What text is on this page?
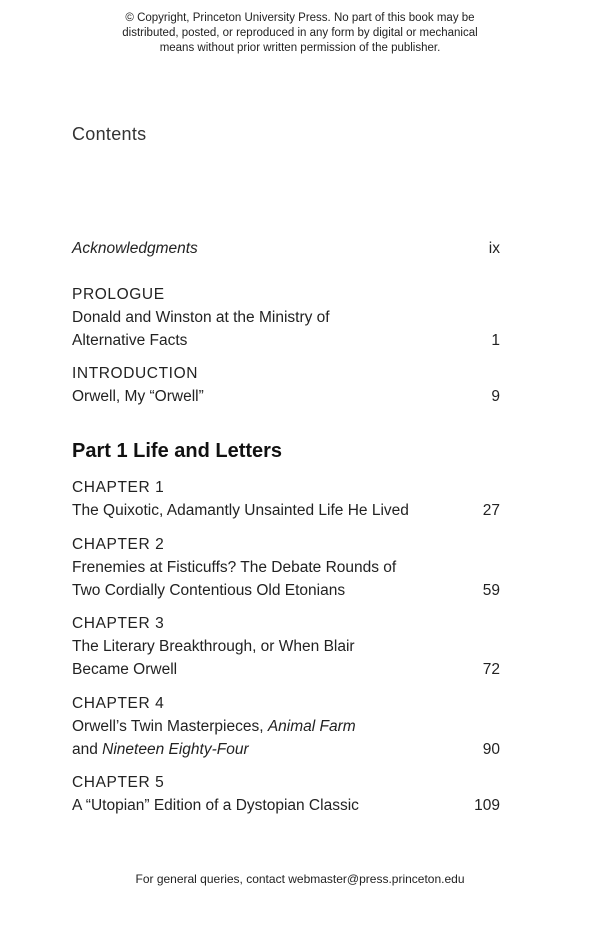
© Copyright, Princeton University Press. No part of this book may be
distributed, posted, or reproduced in any form by digital or mechanical
means without prior written permission of the publisher.
Contents
Acknowledgments	ix
PROLOGUE
Donald and Winston at the Ministry of
Alternative Facts	1
INTRODUCTION
Orwell, My “Orwell”	9
Part 1 Life and Letters
CHAPTER 1
The Quixotic, Adamantly Unsainted Life He Lived	27
CHAPTER 2
Frenemies at Fisticuffs? The Debate Rounds of
Two Cordially Contentious Old Etonians	59
CHAPTER 3
The Literary Breakthrough, or When Blair
Became Orwell	72
CHAPTER 4
Orwell’s Twin Masterpieces, Animal Farm
and Nineteen Eighty-Four	90
CHAPTER 5
A “Utopian” Edition of a Dystopian Classic	109
For general queries, contact webmaster@press.princeton.edu
